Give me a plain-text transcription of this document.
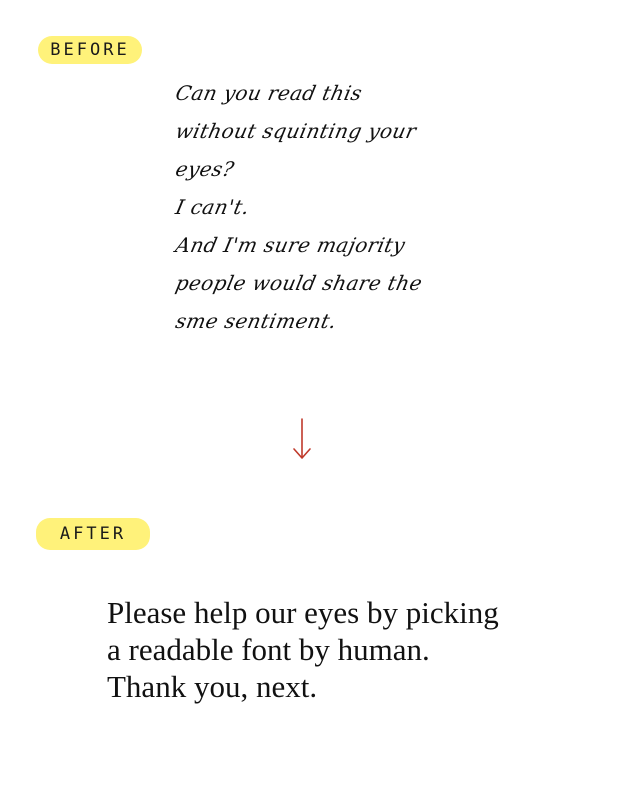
BEFORE
Can you read this
without squinting your
eyes?
I can't.
And I'm sure majority
people would share the
sme sentiment.
AFTER
Please help our eyes by picking
a readable font by human.
Thank you, next.
